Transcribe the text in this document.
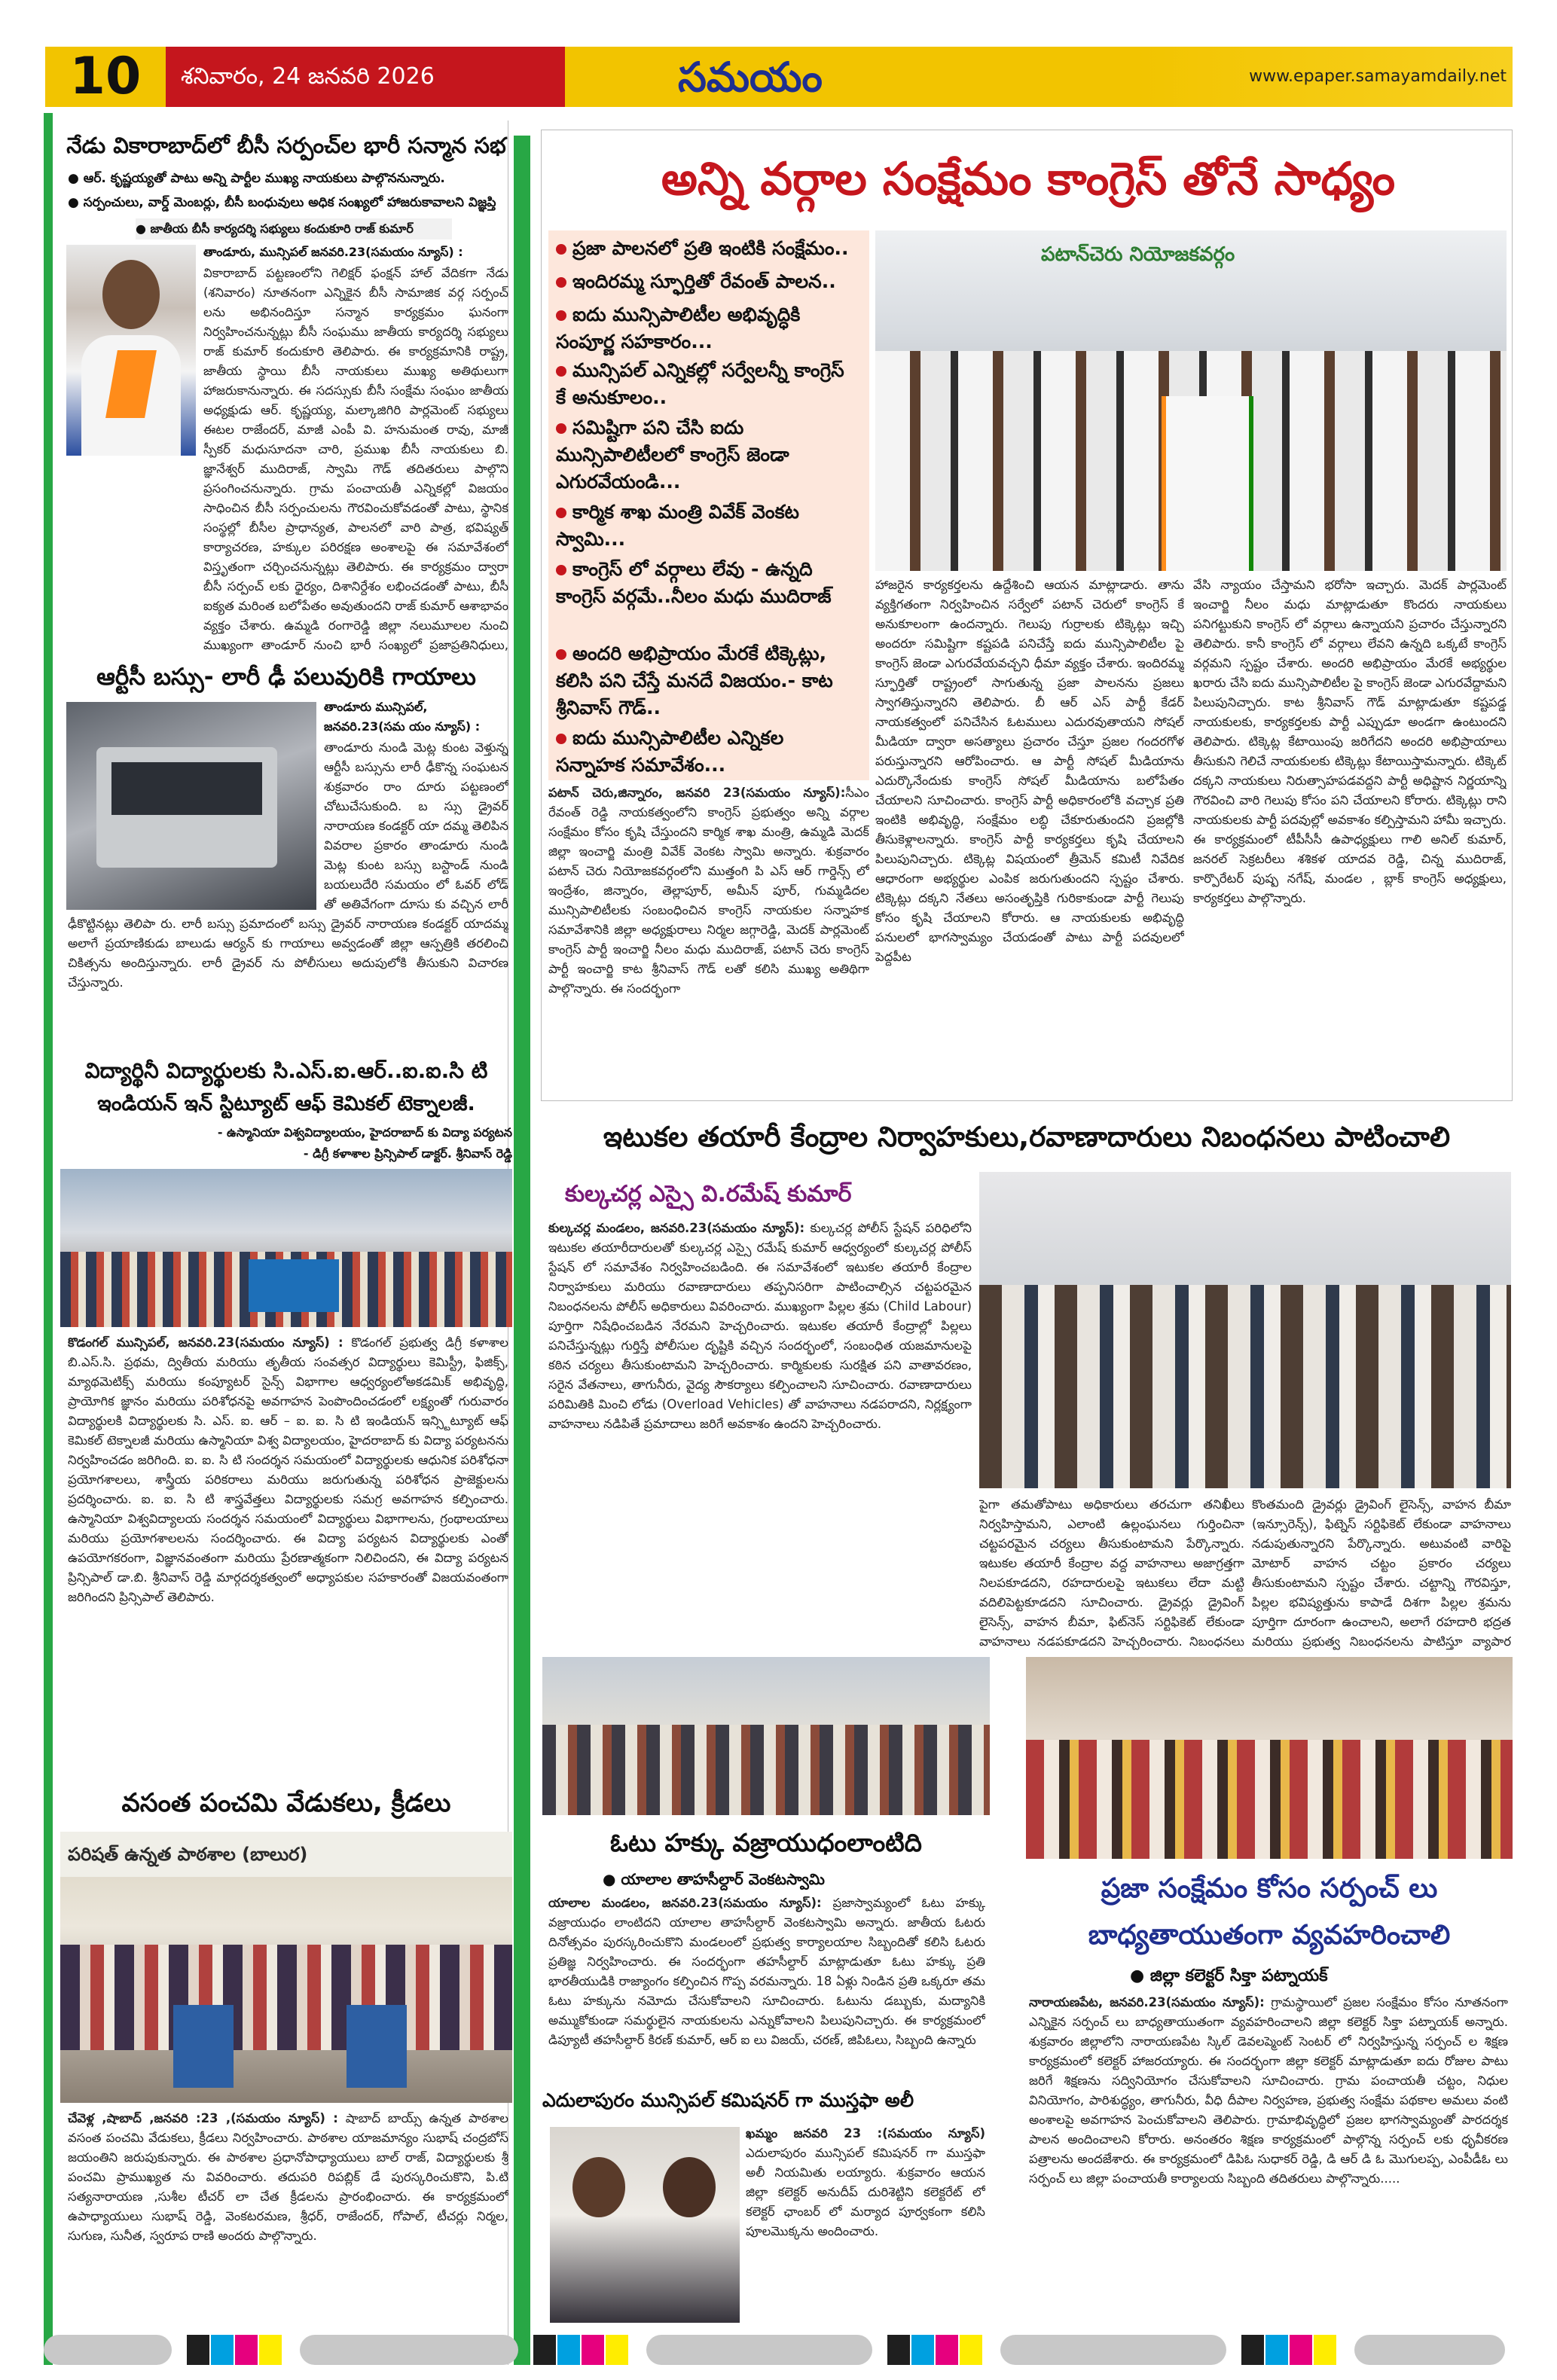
10	శనివారం, 24 జనవరి 2026	సమయం	www.epaper.samayamdaily.net
నేడు వికారాబాద్‌లో బీసీ సర్పంచ్‌ల భారీ సన్మాన సభ
● ఆర్. కృష్ణయ్యతో పాటు అన్ని పార్టీల ముఖ్య నాయకులు పాల్గొననున్నారు.
● సర్పంచులు, వార్డ్ మెంబర్లు, బీసీ బంధువులు అధిక సంఖ్యలో హాజరుకావాలని విజ్ఞప్తి
● జాతీయ బీసీ కార్యదర్శి సభ్యులు కందుకూరి రాజ్ కుమార్
తాండూరు, మున్సిపల్ జనవరి.23(సమయం న్యూస్) :
వికారాబాద్ పట్టణంలోని గెలిక్షర్ ఫంక్షన్ హాల్ వేదికగా నేడు (శనివారం) నూతనంగా ఎన్నికైన బీసీ సామాజిక వర్గ సర్పంచ్ లను అభినందిస్తూ సన్మాన కార్యక్రమం ఘనంగా నిర్వహించనున్నట్లు బీసీ సంఘము జాతీయ కార్యదర్శి సభ్యులు రాజ్ కుమార్ కందుకూరి తెలిపారు. ఈ కార్యక్రమానికి రాష్ట్ర, జాతీయ స్థాయి బీసీ నాయకులు ముఖ్య అతిథులుగా హాజరుకానున్నారు. ఈ సదస్సుకు బీసీ సంక్షేమ సంఘం జాతీయ అధ్యక్షుడు ఆర్. కృష్ణయ్య, మల్కాజిగిరి పార్లమెంట్ సభ్యులు ఈటల రాజేందర్, మాజీ ఎంపీ వి. హనుమంత రావు, మాజీ స్పీకర్ మధుసూదనా చారి, ప్రముఖ బీసీ నాయకులు బి. జ్ఞానేశ్వర్ ముదిరాజ్, స్వామి గౌడ్ తదితరులు పాల్గొని ప్రసంగించనున్నారు. గ్రామ పంచాయతీ ఎన్నికల్లో విజయం సాధించిన బీసీ సర్పంచులను గౌరవించుకోవడంతో పాటు, స్థానిక సంస్థల్లో బీసీల ప్రాధాన్యత, పాలనలో వారి పాత్ర, భవిష్యత్ కార్యాచరణ, హక్కుల పరిరక్షణ అంశాలపై ఈ సమావేశంలో విస్తృతంగా చర్చించనున్నట్లు తెలిపారు. ఈ కార్యక్రమం ద్వారా బీసీ సర్పంచ్ లకు ధైర్యం, దిశానిర్దేశం లభించడంతో పాటు, బీసీ ఐక్యత మరింత బలోపేతం అవుతుందని రాజ్ కుమార్ ఆశాభావం వ్యక్తం చేశారు. ఉమ్మడి రంగారెడ్డి జిల్లా నలుమూలల నుంచి ముఖ్యంగా తాండూర్ నుంచి భారీ సంఖ్యలో ప్రజాప్రతినిధులు,
ఆర్టీసీ బస్సు- లారీ ఢీ పలువురికి గాయాలు
తాండూరు మున్సిపల్, జనవరి.23(సమ యం న్యూస్) :
తాండూరు నుండి మెట్ల కుంట వెళ్తున్న ఆర్టీసీ బస్సును లారీ ఢీకొన్న సంఘటన శుక్రవారం రాం దూరు పట్టణంలో చోటుచేసుకుంది. బ స్సు డ్రైవర్ నారాయణ కండక్టర్ యా దమ్మ తెలిపిన వివరాల ప్రకారం తాండూరు నుండి మెట్ల కుంట బస్సు బస్టాండ్ నుండి బయలుదేరి సమయం లో ఓవర్ లోడ్ తో అతివేగంగా దూసు కు వచ్చిన లారీ ఢీకొట్టినట్లు తెలిపా రు. లారీ బస్సు ప్రమాదంలో బస్సు డ్రైవర్ నారాయణ కండక్టర్ యాదమ్మ అలాగే ప్రయాణికుడు బాలుడు ఆర్యన్ కు గాయాలు అవ్వడంతో జిల్లా ఆస్పత్రికి తరలించి చికిత్సను అందిస్తున్నారు. లారీ డ్రైవర్ ను పోలీసులు అదుపులోకి తీసుకుని విచారణ చేస్తున్నారు.
విద్యార్థినీ విద్యార్థులకు సి.ఎస్.ఐ.ఆర్..ఐ.ఐ.సి టి
ఇండియన్ ఇన్ స్టిట్యూట్ ఆఫ్ కెమికల్ టెక్నాలజీ.
- ఉస్మానియా విశ్వవిద్యాలయం, హైదరాబాద్ కు విద్యా పర్యటన
- డిగ్రీ కళాశాల ప్రిన్సిపాల్ డాక్టర్. శ్రీనివాస్ రెడ్డి
కొడంగల్ మున్సిపల్, జనవరి.23(సమయం న్యూస్) : కొడంగల్ ప్రభుత్వ డిగ్రీ కళాశాల బి.ఎస్.సి. ప్రథమ, ద్వితీయ మరియు తృతీయ సంవత్సర విద్యార్థులు కెమిస్ట్రీ, ఫిజిక్స్, మ్యాథమెటిక్స్ మరియు కంప్యూటర్ సైన్స్ విభాగాల ఆధ్వర్యంలోఅకడమిక్ అభివృద్ధి, ప్రాయోగిక జ్ఞానం మరియు పరిశోధనపై అవగాహన పెంపొందించడంలో లక్ష్యంతో గురువారం విద్యార్థులకి విద్యార్థులకు సి. ఎస్. ఐ. ఆర్ – ఐ. ఐ. సి టి ఇండియన్ ఇన్స్టిట్యూట్ ఆఫ్ కెమికల్ టెక్నాలజీ మరియు ఉస్మానియా విశ్వ విద్యాలయం, హైదరాబాద్ కు విద్యా పర్యటనను నిర్వహించడం జరిగింది. ఐ. ఐ. సి టి సందర్శన సమయంలో విద్యార్థులకు ఆధునిక పరిశోధనా ప్రయోగశాలలు, శాస్త్రీయ పరికరాలు మరియు జరుగుతున్న పరిశోధన ప్రాజెక్టులను ప్రదర్శించారు. ఐ. ఐ. సి టి శాస్త్రవేత్తలు విద్యార్థులకు సమగ్ర అవగాహన కల్పించారు. ఉస్మానియా విశ్వవిద్యాలయ సందర్శన సమయంలో విద్యార్థులు విభాగాలను, గ్రంథాలయాలు మరియు ప్రయోగశాలలను సందర్శించారు. ఈ విద్యా పర్యటన విద్యార్థులకు ఎంతో ఉపయోగకరంగా, విజ్ఞానవంతంగా మరియు ప్రేరణాత్మకంగా నిలిచిందని, ఈ విద్యా పర్యటన ప్రిన్సిపాల్ డా.బి. శ్రీనివాస్ రెడ్డి మార్గదర్శకత్వంలో అధ్యాపకుల సహకారంతో విజయవంతంగా జరిగిందని ప్రిన్సిపాల్ తెలిపారు.
వసంత పంచమి వేడుకలు, క్రీడలు
పరిషత్ ఉన్నత పాఠశాల (బాలుర)
చేవెళ్ల ,షాబాద్ ,జనవరి :23 ,(సమయం న్యూస్) : షాబాద్ బాయ్స్ ఉన్నత పాఠశాల వసంత పంచమి వేడుకలు, క్రీడలు నిర్వహించారు. పాఠశాల యాజమాన్యం సుభాష్ చంద్రబోస్ జయంతిని జరుపుకున్నారు. ఈ పాఠశాల ప్రధానోపాధ్యాయులు బాల్ రాజ్, విద్యార్థులకు శ్రీ పంచమి ప్రాముఖ్యత ను వివరించారు. తదుపరి రిపబ్లిక్ డే పురస్కరించుకొని, పి.టి సత్యనారాయణ ,సుశీల టీచర్ లా చేత క్రీడలను ప్రారంభించారు. ఈ కార్యక్రమంలో ఉపాధ్యాయులు సుభాష్ రెడ్డి, వెంకటరమణ, శ్రీధర్, రాజేందర్, గోపాల్, టీచర్లు నిర్మల, సుగుణ, సునీత, స్వరూప రాణి అందరు పాల్గొన్నారు.
అన్ని వర్గాల సంక్షేమం కాంగ్రెస్ తోనే సాధ్యం
ప్రజా పాలనలో ప్రతి ఇంటికి సంక్షేమం..
ఇందిరమ్మ స్ఫూర్తితో రేవంత్ పాలన..
ఐదు మున్సిపాలిటీల అభివృద్ధికి సంపూర్ణ సహకారం...
మున్సిపల్ ఎన్నికల్లో సర్వేలన్నీ కాంగ్రెస్ కే అనుకూలం..
సమిష్టిగా పని చేసి ఐదు మున్సిపాలిటీలలో కాంగ్రెస్ జెండా ఎగురవేయండి...
కార్మిక శాఖ మంత్రి వివేక్ వెంకట స్వామి...
కాంగ్రెస్ లో వర్గాలు లేవు - ఉన్నది కాంగ్రెస్ వర్గమే..నీలం మధు ముదిరాజ్
అందరి అభిప్రాయం మేరకే టిక్కెట్లు, కలిసి పని చేస్తే మనదే విజయం.- కాట శ్రీనివాస్ గౌడ్..
ఐదు మున్సిపాలిటీల ఎన్నికల సన్నాహక సమావేశం...
పటాన్‌చెరు నియోజకవర్గం
పటాన్ చెరు,జిన్నారం, జనవరి 23(సమయం న్యూస్):సీఎం రేవంత్ రెడ్డి నాయకత్వంలోని కాంగ్రెస్ ప్రభుత్వం అన్ని వర్గాల సంక్షేమం కోసం కృషి చేస్తుందని కార్మిక శాఖ మంత్రి, ఉమ్మడి మెదక్ జిల్లా ఇంచార్జి మంత్రి వివేక్ వెంకట స్వామి అన్నారు. శుక్రవారం పటాన్ చెరు నియోజకవర్గంలోని ముత్తంగి పి ఎస్ ఆర్ గార్డెన్స్ లో ఇంద్రేశం, జిన్నారం, తెల్లాపూర్, అమీన్ పూర్, గుమ్మడిదల మున్సిపాలిటీలకు సంబంధించిన కాంగ్రెస్ నాయకుల సన్నాహక సమావేశానికి జిల్లా అధ్యక్షురాలు నిర్మల జగ్గారెడ్డి, మెదక్ పార్లమెంట్ కాంగ్రెస్ పార్టీ ఇంచార్జి నీలం మధు ముదిరాజ్, పటాన్ చెరు కాంగ్రెస్ పార్టీ ఇంచార్జి కాట శ్రీనివాస్ గౌడ్ లతో కలిసి ముఖ్య అతిథిగా పాల్గొన్నారు. ఈ సందర్భంగా
హాజరైన కార్యకర్తలను ఉద్దేశించి ఆయన మాట్లాడారు. తాను వ్యక్తిగతంగా నిర్వహించిన సర్వేలో పటాన్ చెరులో కాంగ్రెస్ కే అనుకూలంగా ఉందన్నారు. గెలుపు గుర్రాలకు టిక్కెట్లు ఇచ్చి అందరూ సమిష్టిగా కష్టపడి పనిచేస్తే ఐదు మున్సిపాలిటీల పై కాంగ్రెస్ జెండా ఎగురవేయవచ్చని ధీమా వ్యక్తం చేశారు. ఇందిరమ్మ స్ఫూర్తితో రాష్ట్రంలో సాగుతున్న ప్రజా పాలనను ప్రజలు స్వాగతిస్తున్నారని తెలిపారు. బీ ఆర్ ఎస్ పార్టీ కేడర్ నాయకత్వంలో పనిచేసిన ఓటములు ఎదురవుతాయని సోషల్ మీడియా ద్వారా అసత్యాలు ప్రచారం చేస్తూ ప్రజల గందరగోళ పరుస్తున్నారని ఆరోపించారు. ఆ పార్టీ సోషల్ మీడియాను ఎదుర్కొనేందుకు కాంగ్రెస్ సోషల్ మీడియాను బలోపేతం చేయాలని సూచించారు. కాంగ్రెస్ పార్టీ అధికారంలోకి వచ్చాక ప్రతి ఇంటికి అభివృద్ధి, సంక్షేమం లబ్ధి చేకూరుతుందని ప్రజల్లోకి తీసుకెళ్లాలన్నారు. కాంగ్రెస్ పార్టీ కార్యకర్తలు కృషి చేయాలని పిలుపునిచ్చారు. టిక్కెట్ల విషయంలో త్రీమెన్ కమిటీ నివేదిక ఆధారంగా అభ్యర్థుల ఎంపిక జరుగుతుందని స్పష్టం చేశారు. టిక్కెట్లు దక్కని నేతలు అసంతృప్తికి గురికాకుండా పార్టీ గెలుపు కోసం కృషి చేయాలని కోరారు. ఆ నాయకులకు అభివృద్ధి పనులలో భాగస్వామ్యం చేయడంతో పాటు పార్టీ పదవులలో పెద్దపీట
వేసి న్యాయం చేస్తామని భరోసా ఇచ్చారు. మెదక్ పార్లమెంట్ ఇంచార్జి నీలం మధు మాట్లాడుతూ కొందరు నాయకులు పనిగట్టుకుని కాంగ్రెస్ లో వర్గాలు ఉన్నాయని ప్రచారం చేస్తున్నారని తెలిపారు. కానీ కాంగ్రెస్ లో వర్గాలు లేవని ఉన్నది ఒక్కటే కాంగ్రెస్ వర్గమని స్పష్టం చేశారు. అందరి అభిప్రాయం మేరకే అభ్యర్థుల ఖరారు చేసి ఐదు మున్సిపాలిటీల పై కాంగ్రెస్ జెండా ఎగురవేద్దామని పిలుపునిచ్చారు. కాట శ్రీనివాస్ గౌడ్ మాట్లాడుతూ కష్టపడ్డ నాయకులకు, కార్యకర్తలకు పార్టీ ఎప్పుడూ అండగా ఉంటుందని తెలిపారు. టిక్కెట్ల కేటాయింపు జరిగేదని అందరి అభిప్రాయాలు తీసుకుని గెలిచే నాయకులకు టిక్కెట్లు కేటాయిస్తామన్నారు. టిక్కెట్ దక్కని నాయకులు నిరుత్సాహపడవద్దని పార్టీ అధిష్టాన నిర్ణయాన్ని గౌరవించి వారి గెలుపు కోసం పని చేయాలని కోరారు. టిక్కెట్లు రాని నాయకులకు పార్టీ పదవుల్లో అవకాశం కల్పిస్తామని హామీ ఇచ్చారు. ఈ కార్యక్రమంలో టీపీసీసీ ఉపాధ్యక్షులు గాలి అనిల్ కుమార్, జనరల్ సెక్రటరీలు శశికళ యాదవ రెడ్డి, చిన్న ముదిరాజ్, కార్పొరేటర్ పుష్ప నగేష్, మండల , బ్లాక్ కాంగ్రెస్ అధ్యక్షులు, కార్యకర్తలు పాల్గొన్నారు.
ఇటుకల తయారీ కేంద్రాల నిర్వాహకులు,రవాణాదారులు నిబంధనలు పాటించాలి
కుల్కచర్ల ఎస్సై వి.రమేష్ కుమార్
కుల్కచర్ల మండలం, జనవరి.23(సమయం న్యూస్): కుల్కచర్ల పోలీస్ స్టేషన్ పరిధిలోని ఇటుకల తయారీదారులతో కుల్కచర్ల ఎస్సై రమేష్ కుమార్ ఆధ్వర్యంలో కుల్కచర్ల పోలీస్ స్టేషన్ లో సమావేశం నిర్వహించబడింది. ఈ సమావేశంలో ఇటుకల తయారీ కేంద్రాల నిర్వాహకులు మరియు రవాణాదారులు తప్పనిసరిగా పాటించాల్సిన చట్టపరమైన నిబంధనలను పోలీస్ అధికారులు వివరించారు. ముఖ్యంగా పిల్లల శ్రమ (Child Labour) పూర్తిగా నిషేధించబడిన నేరమని హెచ్చరించారు. ఇటుకల తయారీ కేంద్రాల్లో పిల్లలు పనిచేస్తున్నట్లు గుర్తిస్తే పోలీసుల దృష్టికి వచ్చిన సందర్భంలో, సంబంధిత యజమానులపై కఠిన చర్యలు తీసుకుంటామని హెచ్చరించారు. కార్మికులకు సురక్షిత పని వాతావరణం, సరైన వేతనాలు, తాగునీరు, వైద్య సౌకర్యాలు కల్పించాలని సూచించారు. రవాణాదారులు పరిమితికి మించి లోడు (Overload Vehicles) తో వాహనాలు నడపరాదని, నిర్లక్ష్యంగా వాహనాలు నడిపితే ప్రమాదాలు జరిగే అవకాశం ఉందని హెచ్చరించారు.
పైగా తమతోపాటు అధికారులు తరచుగా తనిఖీలు నిర్వహిస్తామని, ఎలాంటి ఉల్లంఘనలు గుర్తించినా చట్టపరమైన చర్యలు తీసుకుంటామని పేర్కొన్నారు. ఇటుకల తయారీ కేంద్రాల వద్ద వాహనాలు అజాగ్రత్తగా నిలపకూడదని, రహదారులపై ఇటుకలు లేదా మట్టి వదిలిపెట్టకూడదని సూచించారు. డ్రైవర్లు డ్రైవింగ్ లైసెన్స్, వాహన బీమా, ఫిట్‌నెస్ సర్టిఫికెట్ లేకుండా వాహనాలు నడపకూడదని హెచ్చరించారు. నిబంధనలు
కొంతమంది డ్రైవర్లు డ్రైవింగ్ లైసెన్స్, వాహన బీమా (ఇన్సూరెన్స్), ఫిట్నెస్ సర్టిఫికెట్ లేకుండా వాహనాలు నడుపుతున్నారని పేర్కొన్నారు. అటువంటి వారిపై మోటార్ వాహన చట్టం ప్రకారం చర్యలు తీసుకుంటామని స్పష్టం చేశారు. చట్టాన్ని గౌరవిస్తూ, పిల్లల భవిష్యత్తును కాపాడే దిశగా పిల్లల శ్రమను పూర్తిగా దూరంగా ఉంచాలని, అలాగే రహదారి భద్రత మరియు ప్రభుత్వ నిబంధనలను పాటిస్తూ వ్యాపార
ఓటు హక్కు వజ్రాయుధంలాంటిది
● యాలాల తాహసీల్దార్ వెంకటస్వామి
యాలాల మండలం, జనవరి.23(సమయం న్యూస్): ప్రజాస్వామ్యంలో ఓటు హక్కు వజ్రాయుధం లాంటిదని యాలాల తాహసీల్దార్ వెంకటస్వామి అన్నారు. జాతీయ ఓటరు దినోత్సవం పురస్కరించుకొని మండలంలో ప్రభుత్వ కార్యాలయాల సిబ్బందితో కలిసి ఓటరు ప్రతిజ్ఞ నిర్వహించారు. ఈ సందర్భంగా తహసీల్దార్ మాట్లాడుతూ ఓటు హక్కు ప్రతి భారతీయుడికి రాజ్యాంగం కల్పించిన గొప్ప వరమన్నారు. 18 ఏళ్లు నిండిన ప్రతి ఒక్కరూ తమ ఓటు హక్కును నమోదు చేసుకోవాలని సూచించారు. ఓటును డబ్బుకు, మద్యానికి అమ్ముకోకుండా సమర్థులైన నాయకులను ఎన్నుకోవాలని పిలుపునిచ్చారు. ఈ కార్యక్రమంలో డిప్యూటీ తహసీల్దార్ కిరణ్ కుమార్, ఆర్ ఐ లు విజయ్, చరణ్, జిపిఓలు, సిబ్బంది ఉన్నారు
ఎదులాపురం మున్సిపల్ కమిషనర్ గా ముస్తఫా అలీ
ఖమ్మం జనవరి 23 :(సమయం న్యూస్) ఎదులాపురం మున్సిపల్ కమిషనర్ గా ముస్తఫా అలీ నియమితు లయ్యారు. శుక్రవారం ఆయన జిల్లా కలెక్టర్ అనుదీప్ దురిశెట్టిని కలెక్టరేట్ లో కలెక్టర్ ఛాంబర్ లో మర్యాద పూర్వకంగా కలిసి పూలమొక్కను అందించారు.
ప్రజా సంక్షేమం కోసం సర్పంచ్ లు
బాధ్యతాయుతంగా వ్యవహరించాలి
● జిల్లా కలెక్టర్ సిక్తా పట్నాయక్
నారాయణపేట, జనవరి.23(సమయం న్యూస్): గ్రామస్థాయిలో ప్రజల సంక్షేమం కోసం నూతనంగా ఎన్నికైన సర్పంచ్ లు బాధ్యతాయుతంగా వ్యవహరించాలని జిల్లా కలెక్టర్ సిక్తా పట్నాయక్ అన్నారు. శుక్రవారం జిల్లాలోని నారాయణపేట స్కిల్ డెవలప్మెంట్ సెంటర్ లో నిర్వహిస్తున్న సర్పంచ్ ల శిక్షణ కార్యక్రమంలో కలెక్టర్ హాజరయ్యారు. ఈ సందర్భంగా జిల్లా కలెక్టర్ మాట్లాడుతూ ఐదు రోజుల పాటు జరిగే శిక్షణను సద్వినియోగం చేసుకోవాలని సూచించారు. గ్రామ పంచాయతీ చట్టం, నిధుల వినియోగం, పారిశుద్ధ్యం, తాగునీరు, వీధి దీపాల నిర్వహణ, ప్రభుత్వ సంక్షేమ పథకాల అమలు వంటి అంశాలపై అవగాహన పెంచుకోవాలని తెలిపారు. గ్రామాభివృద్ధిలో ప్రజల భాగస్వామ్యంతో పారదర్శక పాలన అందించాలని కోరారు. అనంతరం శిక్షణ కార్యక్రమంలో పాల్గొన్న సర్పంచ్ లకు ధృవీకరణ పత్రాలను అందజేశారు. ఈ కార్యక్రమంలో డిపిఓ సుధాకర్ రెడ్డి, డి ఆర్ డి ఓ మొగులప్ప, ఎంపీడీఓ లు సర్పంచ్ లు జిల్లా పంచాయతీ కార్యాలయ సిబ్బంది తదితరులు పాల్గొన్నారు.....
